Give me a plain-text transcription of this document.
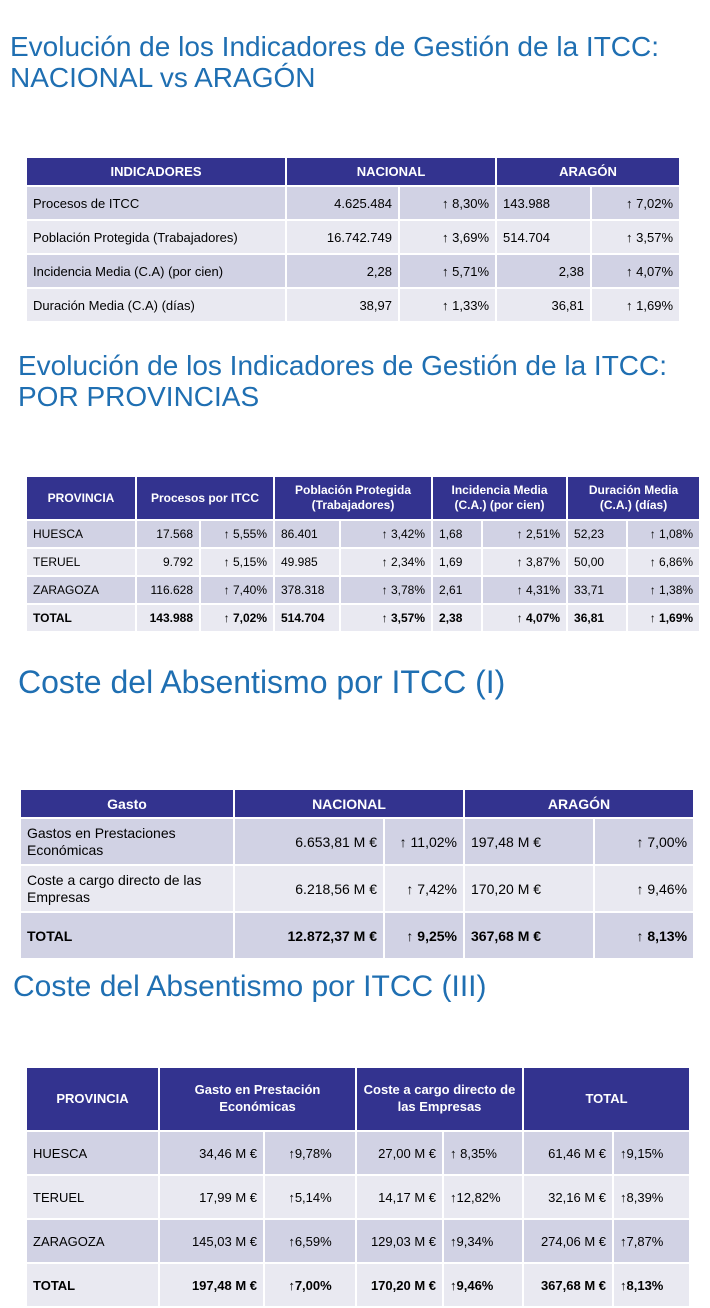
Evolución de los Indicadores de Gestión de la ITCC:
NACIONAL vs ARAGÓN
INDICADORES	NACIONAL		ARAGÓN	
Procesos de ITCC	4.625.484	↑ 8,30%	143.988	↑ 7,02%
Población Protegida (Trabajadores)	16.742.749	↑ 3,69%	514.704	↑ 3,57%
Incidencia Media (C.A) (por cien)	2,28	↑ 5,71%	2,38	↑ 4,07%
Duración Media (C.A) (días)	38,97	↑ 1,33%	36,81	↑ 1,69%
Evolución de los Indicadores de Gestión de la ITCC:
POR PROVINCIAS
PROVINCIA	Procesos por ITCC		Población Protegida (Trabajadores)		Incidencia Media (C.A.) (por cien)		Duración Media (C.A.) (días)	
HUESCA	17.568	↑ 5,55%	86.401	↑ 3,42%	1,68	↑ 2,51%	52,23	↑ 1,08%
TERUEL	9.792	↑ 5,15%	49.985	↑ 2,34%	1,69	↑ 3,87%	50,00	↑ 6,86%
ZARAGOZA	116.628	↑ 7,40%	378.318	↑ 3,78%	2,61	↑ 4,31%	33,71	↑ 1,38%
TOTAL	143.988	↑ 7,02%	514.704	↑ 3,57%	2,38	↑ 4,07%	36,81	↑ 1,69%
Coste del Absentismo por ITCC (I)
Gasto	NACIONAL		ARAGÓN	
Gastos en Prestaciones Económicas	6.653,81 M €	↑ 11,02%	197,48 M €	↑ 7,00%
Coste a cargo directo de las Empresas	6.218,56 M €	↑ 7,42%	170,20 M €	↑ 9,46%
TOTAL	12.872,37 M €	↑ 9,25%	367,68 M €	↑ 8,13%
Coste del Absentismo por ITCC (III)
PROVINCIA	Gasto en Prestación Económicas		Coste a cargo directo de las Empresas		TOTAL	
HUESCA	34,46 M €	↑9,78%	27,00 M €	↑ 8,35%	61,46 M €	↑9,15%
TERUEL	17,99 M €	↑5,14%	14,17 M €	↑12,82%	32,16 M €	↑8,39%
ZARAGOZA	145,03 M €	↑6,59%	129,03 M €	↑9,34%	274,06 M €	↑7,87%
TOTAL	197,48 M €	↑7,00%	170,20 M €	↑9,46%	367,68 M €	↑8,13%
